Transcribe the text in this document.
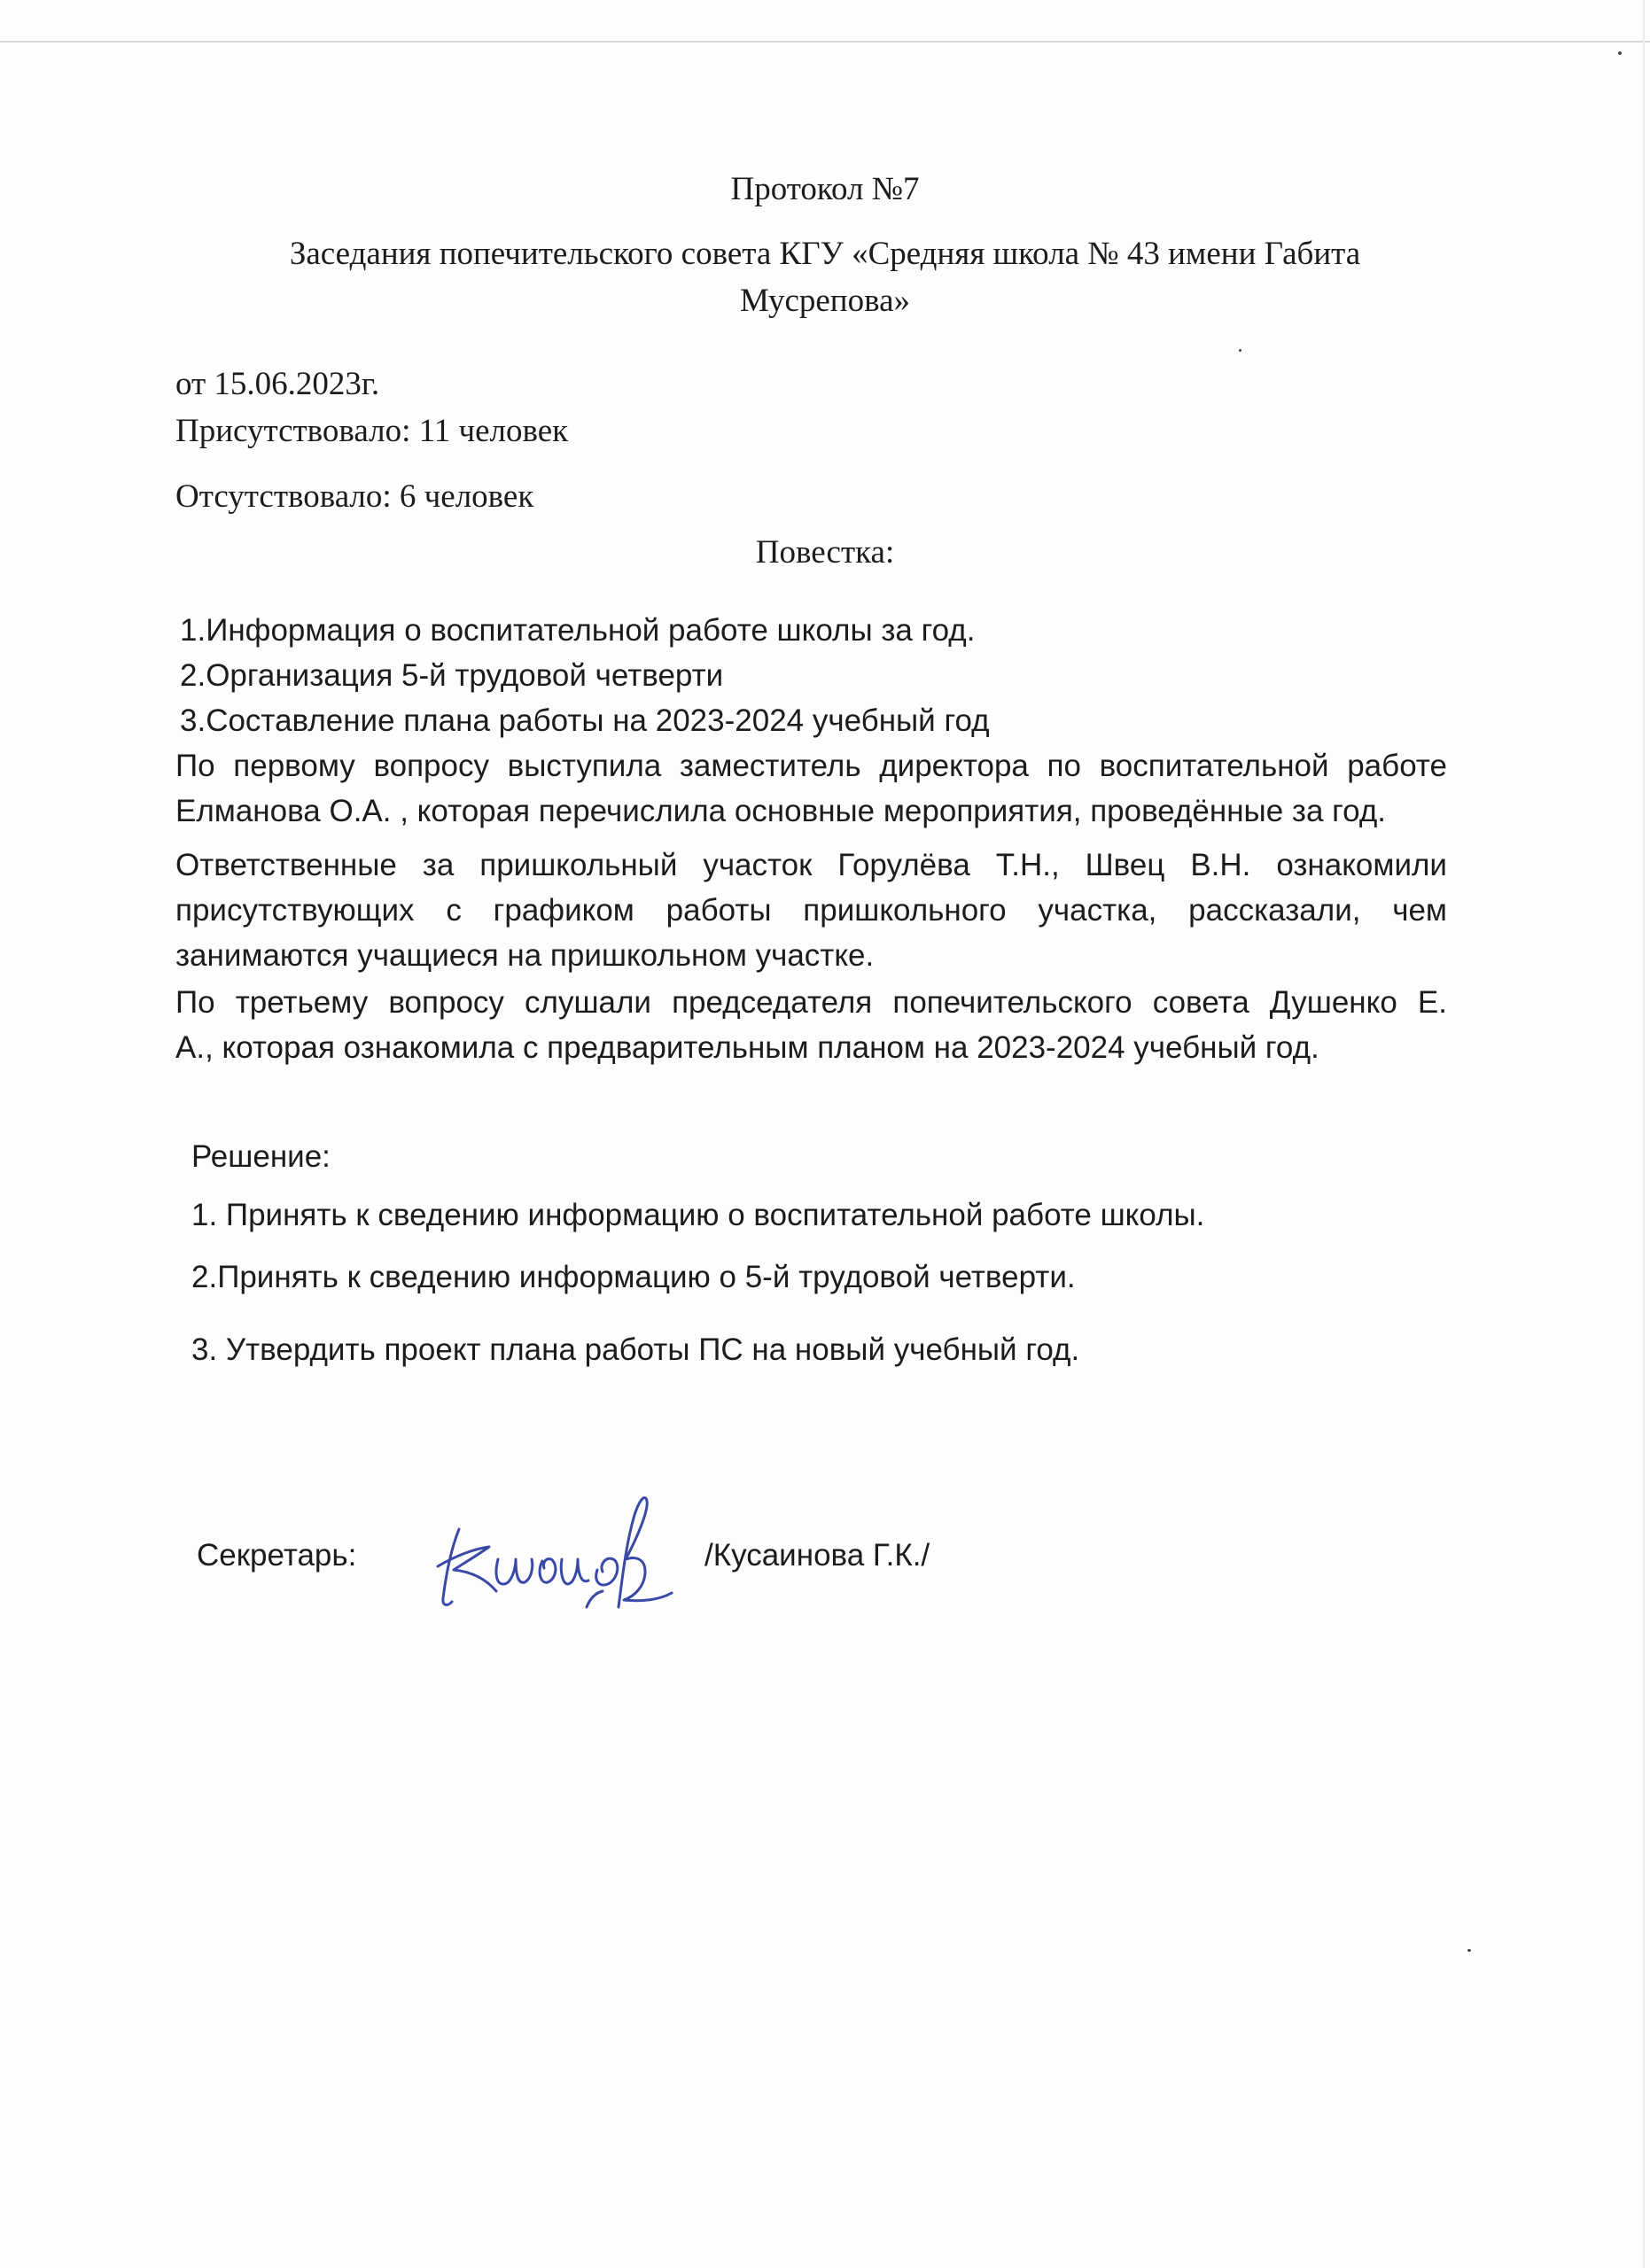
Протокол №7
Заседания попечительского совета КГУ «Средняя школа № 43 имени Габита
Мусрепова»
от 15.06.2023г.
Присутствовало: 11 человек
Отсутствовало: 6 человек
Повестка:
1.Информация о воспитательной работе школы за год.
2.Организация 5-й трудовой четверти
3.Составление плана работы на 2023-2024 учебный год
По первому вопросу выступила заместитель директора по воспитательной работе
Елманова О.А. , которая перечислила основные мероприятия, проведённые за год.
Ответственные за пришкольный участок Горулёва Т.Н., Швец В.Н. ознакомили
присутствующих с графиком работы пришкольного участка, рассказали, чем
занимаются учащиеся на пришкольном участке.
По третьему вопросу слушали председателя попечительского совета Душенко Е.
А., которая ознакомила с предварительным планом на 2023-2024 учебный год.
Решение:
1. Принять к сведению информацию о воспитательной работе школы.
2.Принять к сведению информацию о 5-й трудовой четверти.
3. Утвердить проект плана работы ПС на новый учебный год.
Секретарь:	/Кусаинова Г.К./
